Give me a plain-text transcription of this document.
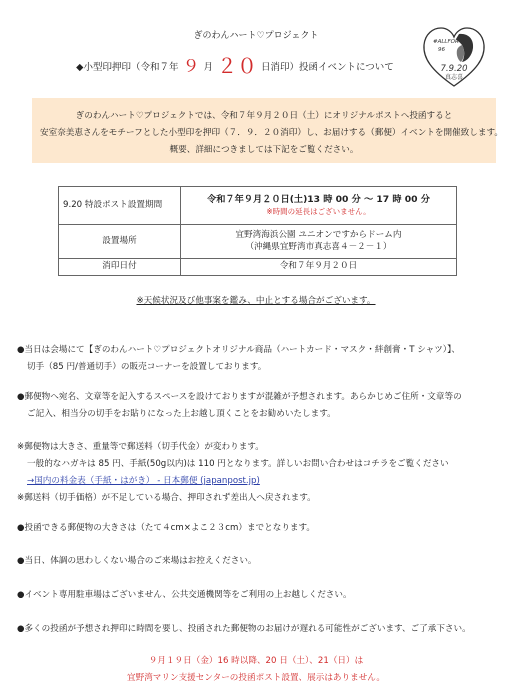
ぎのわんハート♡プロジェクト
◆小型印押印（令和７年 ９ 月 ２０ 日消印）投函イベントについて
#ALLFOR
96
7.9.20
真志喜
ぎのわんハート♡プロジェクトでは、令和７年９月２０日（土）にオリジナルポストへ投函すると
安室奈美恵さんをモチーフとした小型印を押印（７．９．２０消印）し、お届けする（郵便）イベントを開催致します。
概要、詳細につきましては下記をご覧ください。
9.20 特設ポスト設置期間	令和７年９月２０日(土)13 時 00 分 ～ 17 時 00 分
※時間の延長はございません。

設置場所	宜野湾海浜公園 ユニオンですからドーム内
（沖縄県宜野湾市真志喜４－２－１）

消印日付	令和７年９月２０日
※天候状況及び他事案を鑑み、中止とする場合がございます。
●当日は会場にて【ぎのわんハート♡プロジェクトオリジナル商品（ハートカード・マスク・絆創膏・T シャツ）】、
切手（85 円/普通切手）の販売コーナーを設置しております。
●郵便物へ宛名、文章等を記入するスペースを設けておりますが混雑が予想されます。あらかじめご住所・文章等の
ご記入、相当分の切手をお貼りになった上お越し頂くことをお勧めいたします。
※郵便物は大きさ、重量等で郵送料（切手代金）が変わります。
一般的なハガキは 85 円、手紙(50g以内)は 110 円となります。詳しいお問い合わせはコチラをご覧ください
→国内の料金表（手紙・はがき） - 日本郵便 (japanpost.jp)
※郵送料（切手価格）が不足している場合、押印されず差出人へ戻されます。
●投函できる郵便物の大きさは（たて４cm×よこ２３cm）までとなります。
●当日、体調の思わしくない場合のご来場はお控えください。
●イベント専用駐車場はございません、公共交通機関等をご利用の上お越しください。
●多くの投函が予想され押印に時間を要し、投函された郵便物のお届けが遅れる可能性がございます、ご了承下さい。
９月１９日（金）16 時以降、20 日（土）、21（日）は
宜野湾マリン支援センターの投函ポスト設置、展示はありません。
